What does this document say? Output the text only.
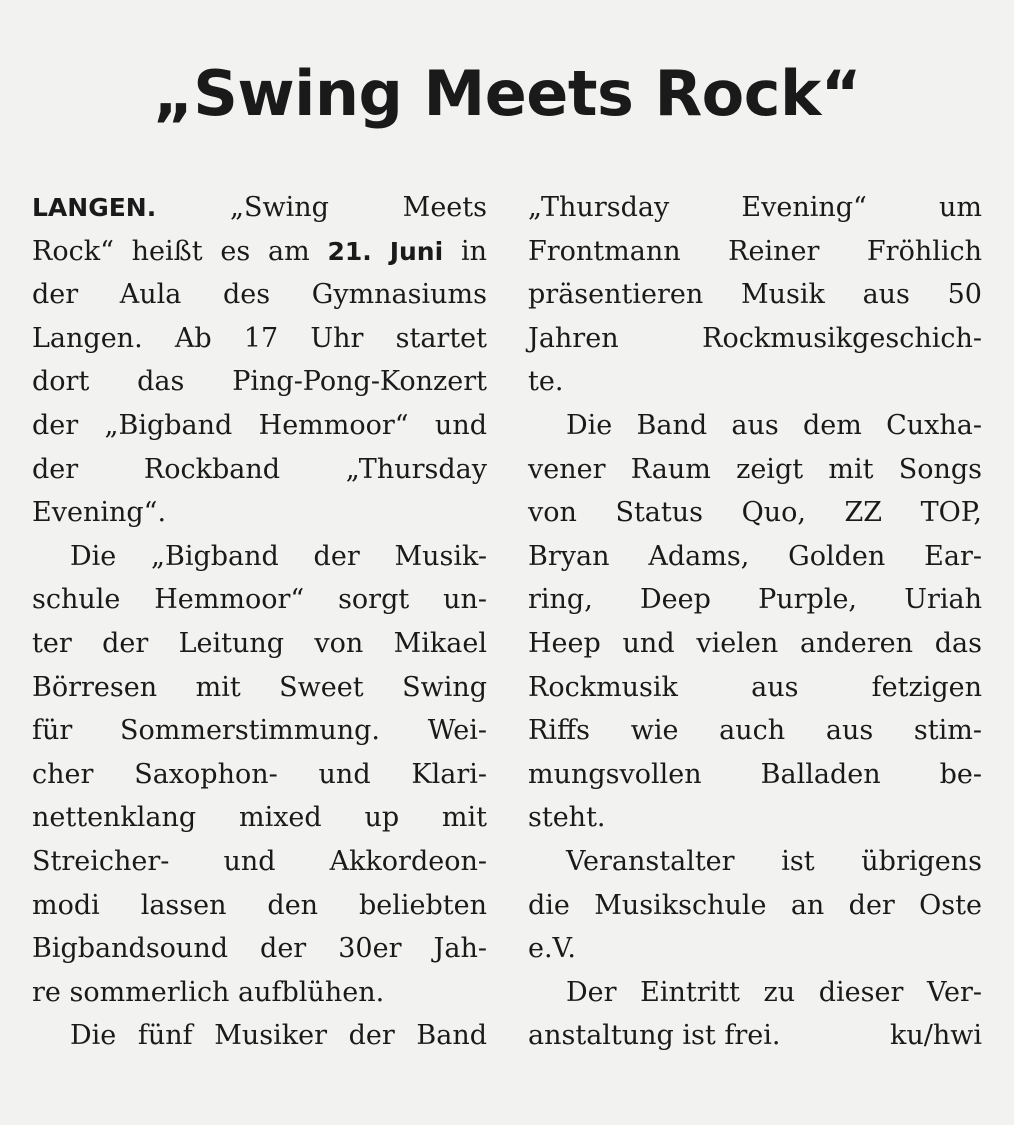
„Swing Meets Rock“
LANGEN.	„Swing Meets
Rock“ heißt es am 21. Juni in
der Aula des Gymnasiums
Langen. Ab 17 Uhr startet
dort das Ping-Pong-Konzert
der „Bigband Hemmoor“ und
der Rockband „Thursday
Evening“.
Die „Bigband der Musik-
schule Hemmoor“ sorgt un-
ter der Leitung von Mikael
Börresen mit Sweet Swing
für Sommerstimmung. Wei-
cher Saxophon- und Klari-
nettenklang mixed up mit
Streicher- und Akkordeon-
modi lassen den beliebten
Bigbandsound der 30er Jah-
re sommerlich aufblühen.
Die fünf Musiker der Band
„Thursday Evening“ um
Frontmann Reiner Fröhlich
präsentieren Musik aus 50
Jahren Rockmusikgeschich-
te.
Die Band aus dem Cuxha-
vener Raum zeigt mit Songs
von Status Quo, ZZ TOP,
Bryan Adams, Golden Ear-
ring, Deep Purple, Uriah
Heep und vielen anderen das
Rockmusik aus fetzigen
Riffs wie auch aus stim-
mungsvollen Balladen be-
steht.
Veranstalter ist übrigens
die Musikschule an der Oste
e.V.
Der Eintritt zu dieser Ver-
anstaltung ist frei.	ku/hwi
